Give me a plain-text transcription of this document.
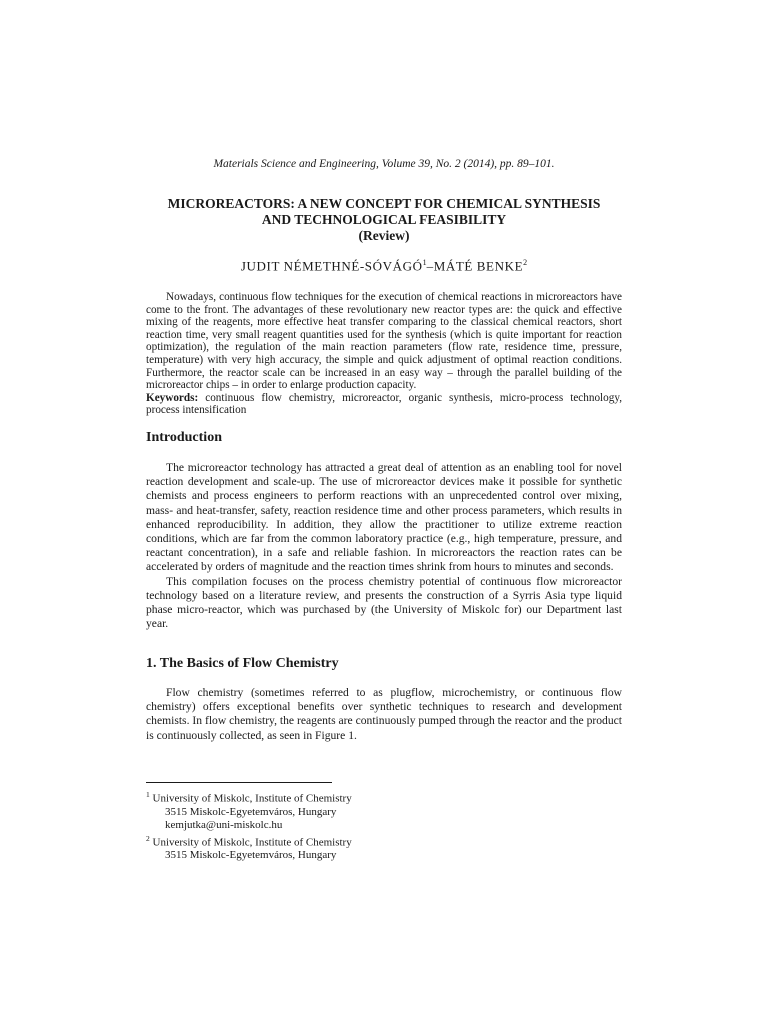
Materials Science and Engineering, Volume 39, No. 2 (2014), pp. 89–101.
MICROREACTORS: A NEW CONCEPT FOR CHEMICAL SYNTHESIS
AND TECHNOLOGICAL FEASIBILITY
(Review)
JUDIT NÉMETHNÉ-SÓVÁGÓ$^1$–MÁTÉ BENKE$^2$

Nowadays, continuous flow techniques for the execution of chemical reactions in microreactors have come to the front. The advantages of these revolutionary new reactor types are: the quick and effective mixing of the reagents, more effective heat transfer comparing to the classical chemical reactors, short reaction time, very small reagent quantities used for the synthesis (which is quite important for reaction optimization), the regulation of the main reaction parameters (flow rate, residence time, pressure, temperature) with very high accuracy, the simple and quick adjustment of optimal reaction conditions. Furthermore, the reactor scale can be increased in an easy way – through the parallel building of the microreactor chips – in order to enlarge production capacity.

Keywords: continuous flow chemistry, microreactor, organic synthesis, micro-process technology, process intensification

Introduction

The microreactor technology has attracted a great deal of attention as an enabling tool for novel reaction development and scale-up. The use of microreactor devices make it possible for synthetic chemists and process engineers to perform reactions with an unprecedented control over mixing, mass- and heat-transfer, safety, reaction residence time and other process parameters, which results in enhanced reproducibility. In addition, they allow the practitioner to utilize extreme reaction conditions, which are far from the common laboratory practice (e.g., high temperature, pressure, and reactant concentration), in a safe and reliable fashion. In microreactors the reaction rates can be accelerated by orders of magnitude and the reaction times shrink from hours to minutes and seconds.

This compilation focuses on the process chemistry potential of continuous flow microreactor technology based on a literature review, and presents the construction of a Syrris Asia type liquid phase micro-reactor, which was purchased by (the University of Miskolc for) our Department last year.

1. The Basics of Flow Chemistry

Flow chemistry (sometimes referred to as plugflow, microchemistry, or continuous flow chemistry) offers exceptional benefits over synthetic techniques to research and development chemists. In flow chemistry, the reagents are continuously pumped through the reactor and the product is continuously collected, as seen in Figure 1.

$^1$ University of Miskolc, Institute of Chemistry
3515 Miskolc-Egyetemváros, Hungary
kemjutka@uni-miskolc.hu
$^2$ University of Miskolc, Institute of Chemistry
3515 Miskolc-Egyetemváros, Hungary
